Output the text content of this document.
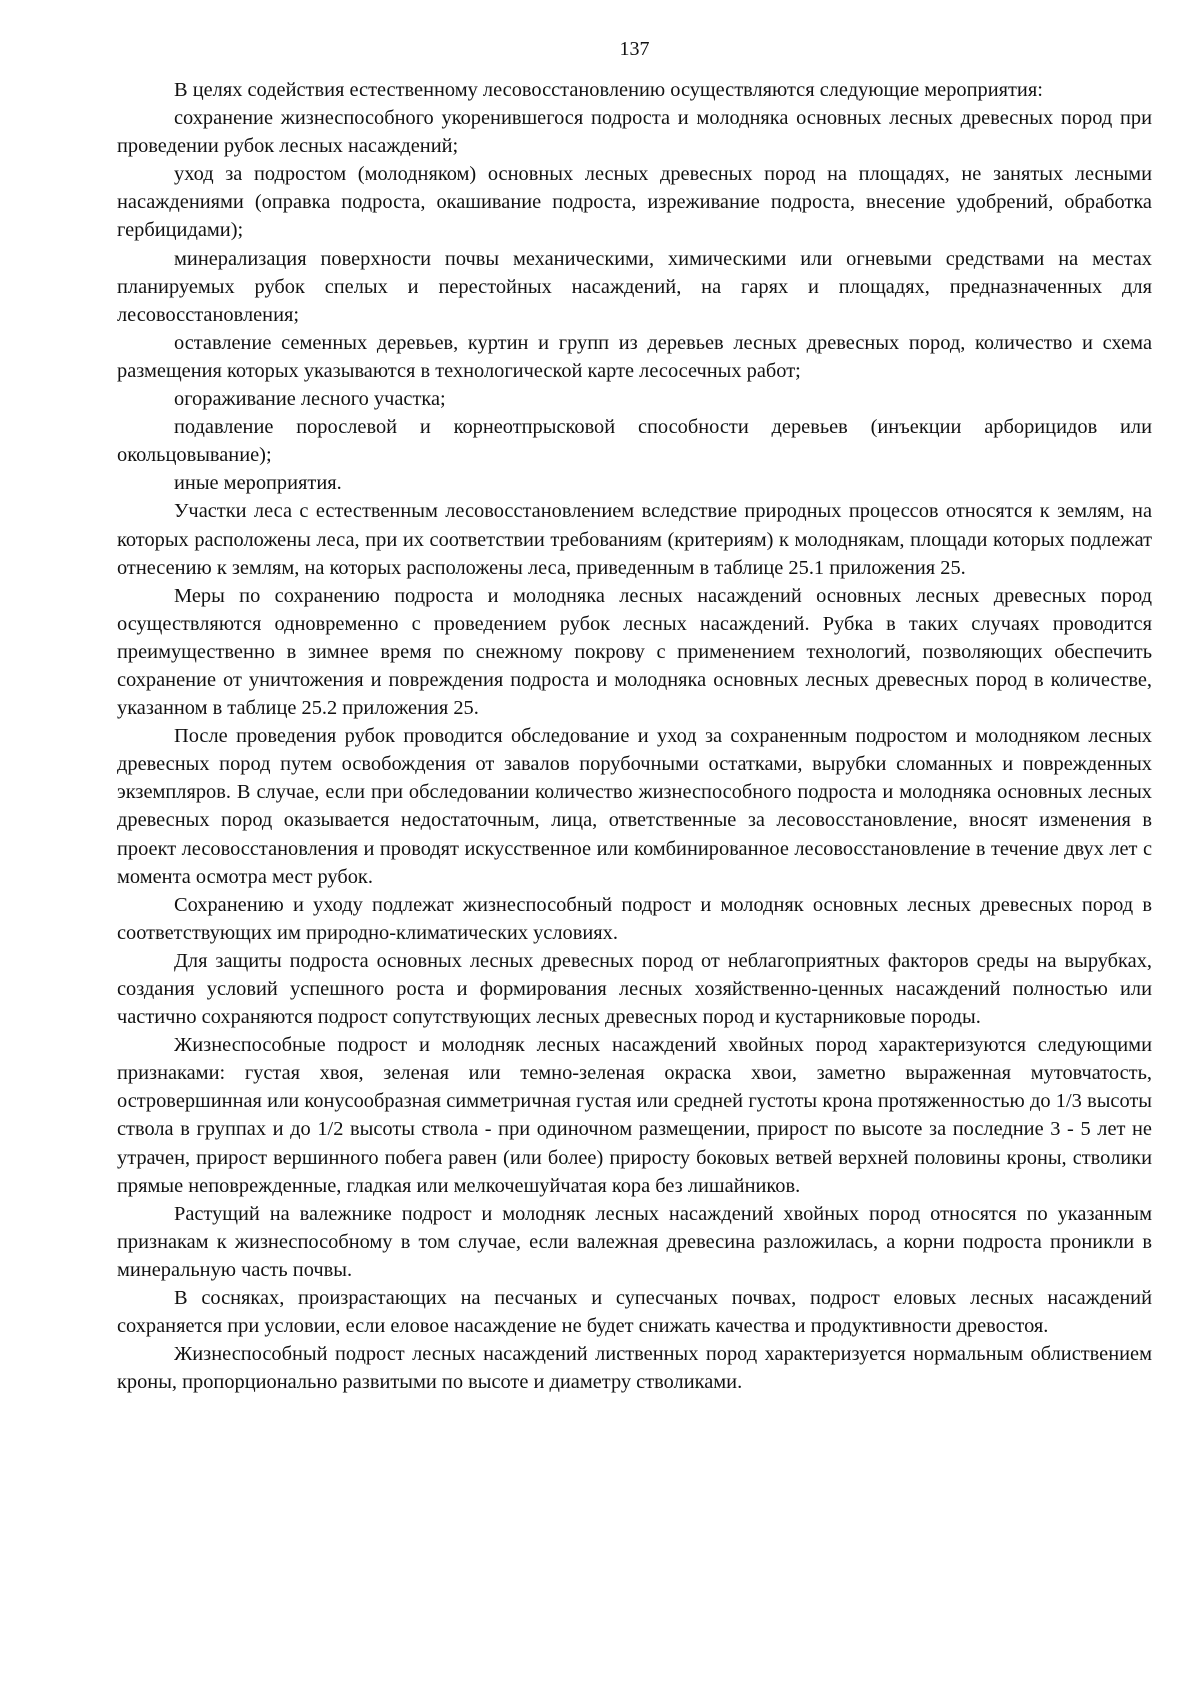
137

В целях содействия естественному лесовосстановлению осуществляются следующие мероприятия:

сохранение жизнеспособного укоренившегося подроста и молодняка основных лесных древесных пород при проведении рубок лесных насаждений;

уход за подростом (молодняком) основных лесных древесных пород на площадях, не занятых лесными насаждениями (оправка подроста, окашивание подроста, изреживание подроста, внесение удобрений, обработка гербицидами);

минерализация поверхности почвы механическими, химическими или огневыми средствами на местах планируемых рубок спелых и перестойных насаждений, на гарях и площадях, предназначенных для лесовосстановления;

оставление семенных деревьев, куртин и групп из деревьев лесных древесных пород, количество и схема размещения которых указываются в технологической карте лесосечных работ;

огораживание лесного участка;

подавление порослевой и корнеотпрысковой способности деревьев (инъекции арборицидов или окольцовывание);

иные мероприятия.

Участки леса с естественным лесовосстановлением вследствие природных процессов относятся к землям, на которых расположены леса, при их соответствии требованиям (критериям) к молоднякам, площади которых подлежат отнесению к землям, на которых расположены леса, приведенным в таблице 25.1 приложения 25.

Меры по сохранению подроста и молодняка лесных насаждений основных лесных древесных пород осуществляются одновременно с проведением рубок лесных насаждений. Рубка в таких случаях проводится преимущественно в зимнее время по снежному покрову с применением технологий, позволяющих обеспечить сохранение от уничтожения и повреждения подроста и молодняка основных лесных древесных пород в количестве, указанном в таблице 25.2 приложения 25.

После проведения рубок проводится обследование и уход за сохраненным подростом и молодняком лесных древесных пород путем освобождения от завалов порубочными остатками, вырубки сломанных и поврежденных экземпляров. В случае, если при обследовании количество жизнеспособного подроста и молодняка основных лесных древесных пород оказывается недостаточным, лица, ответственные за лесовосстановление, вносят изменения в проект лесовосстановления и проводят искусственное или комбинированное лесовосстановление в течение двух лет с момента осмотра мест рубок.

Сохранению и уходу подлежат жизнеспособный подрост и молодняк основных лесных древесных пород в соответствующих им природно-климатических условиях.

Для защиты подроста основных лесных древесных пород от неблагоприятных факторов среды на вырубках, создания условий успешного роста и формирования лесных хозяйственно-ценных насаждений полностью или частично сохраняются подрост сопутствующих лесных древесных пород и кустарниковые породы.

Жизнеспособные подрост и молодняк лесных насаждений хвойных пород характеризуются следующими признаками: густая хвоя, зеленая или темно-зеленая окраска хвои, заметно выраженная мутовчатость, островершинная или конусообразная симметричная густая или средней густоты крона протяженностью до 1/3 высоты ствола в группах и до 1/2 высоты ствола - при одиночном размещении, прирост по высоте за последние 3 - 5 лет не утрачен, прирост вершинного побега равен (или более) приросту боковых ветвей верхней половины кроны, стволики прямые неповрежденные, гладкая или мелкочешуйчатая кора без лишайников.

Растущий на валежнике подрост и молодняк лесных насаждений хвойных пород относятся по указанным признакам к жизнеспособному в том случае, если валежная древесина разложилась, а корни подроста проникли в минеральную часть почвы.

В сосняках, произрастающих на песчаных и супесчаных почвах, подрост еловых лесных насаждений сохраняется при условии, если еловое насаждение не будет снижать качества и продуктивности древостоя.

Жизнеспособный подрост лесных насаждений лиственных пород характеризуется нормальным облиствением кроны, пропорционально развитыми по высоте и диаметру стволиками.
